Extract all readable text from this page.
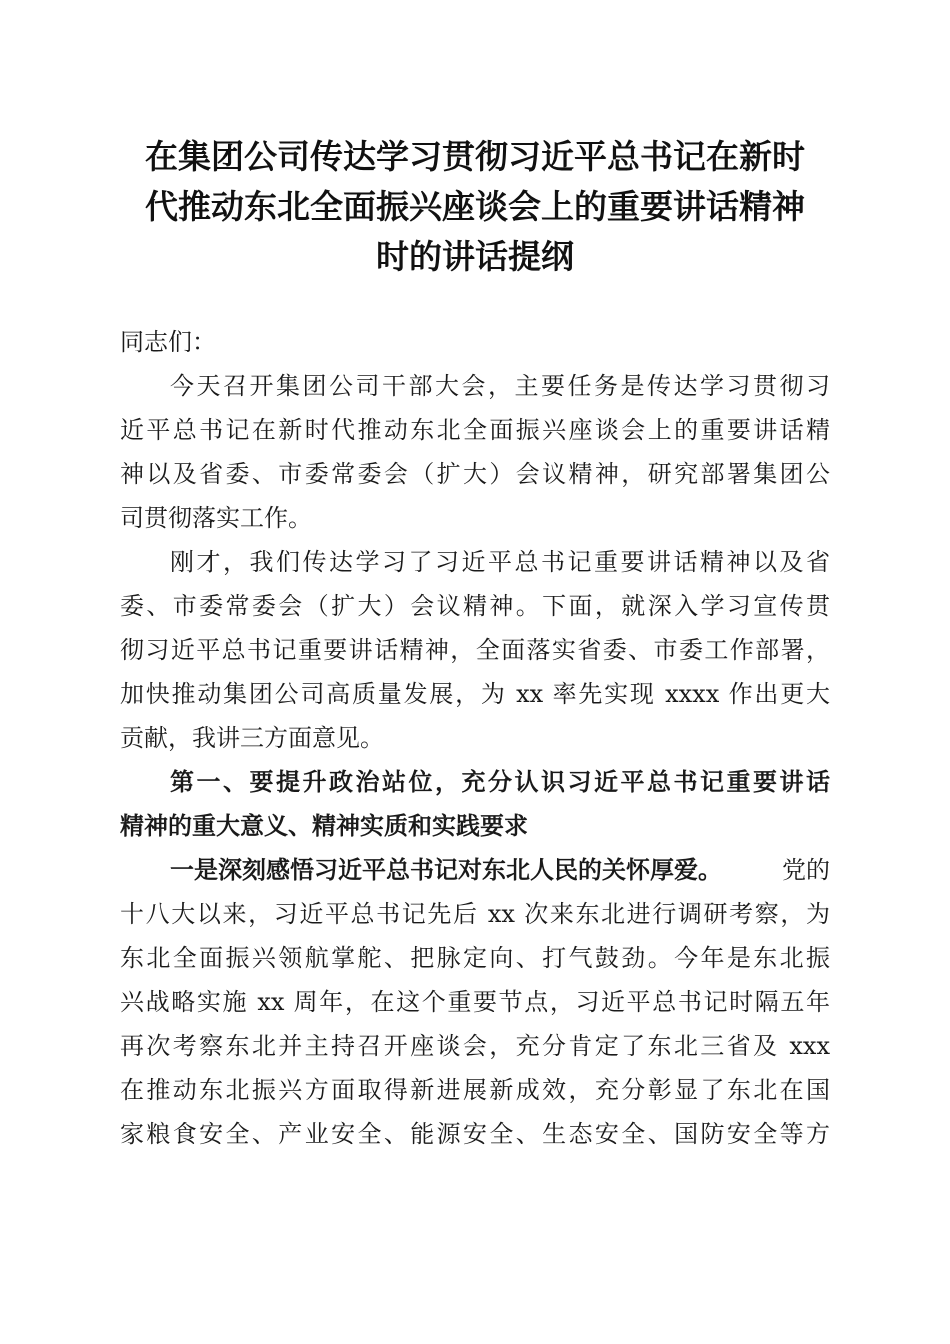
在集团公司传达学习贯彻习近平总书记在新时
代推动东北全面振兴座谈会上的重要讲话精神
时的讲话提纲
同志们：
今天召开集团公司干部大会，主要任务是传达学习贯彻习
近平总书记在新时代推动东北全面振兴座谈会上的重要讲话精
神以及省委、市委常委会（扩大）会议精神，研究部署集团公
司贯彻落实工作。
刚才，我们传达学习了习近平总书记重要讲话精神以及省
委、市委常委会（扩大）会议精神。下面，就深入学习宣传贯
彻习近平总书记重要讲话精神，全面落实省委、市委工作部署，
加快推动集团公司高质量发展，为 xx 率先实现 xxxx 作出更大
贡献，我讲三方面意见。
第一、要提升政治站位，充分认识习近平总书记重要讲话
精神的重大意义、精神实质和实践要求
一是深刻感悟习近平总书记对东北人民的关怀厚爱。	党的
十八大以来，习近平总书记先后 xx 次来东北进行调研考察，为
东北全面振兴领航掌舵、把脉定向、打气鼓劲。今年是东北振
兴战略实施 xx 周年，在这个重要节点，习近平总书记时隔五年
再次考察东北并主持召开座谈会，充分肯定了东北三省及 xxx
在推动东北振兴方面取得新进展新成效，充分彰显了东北在国
家粮食安全、产业安全、能源安全、生态安全、国防安全等方
